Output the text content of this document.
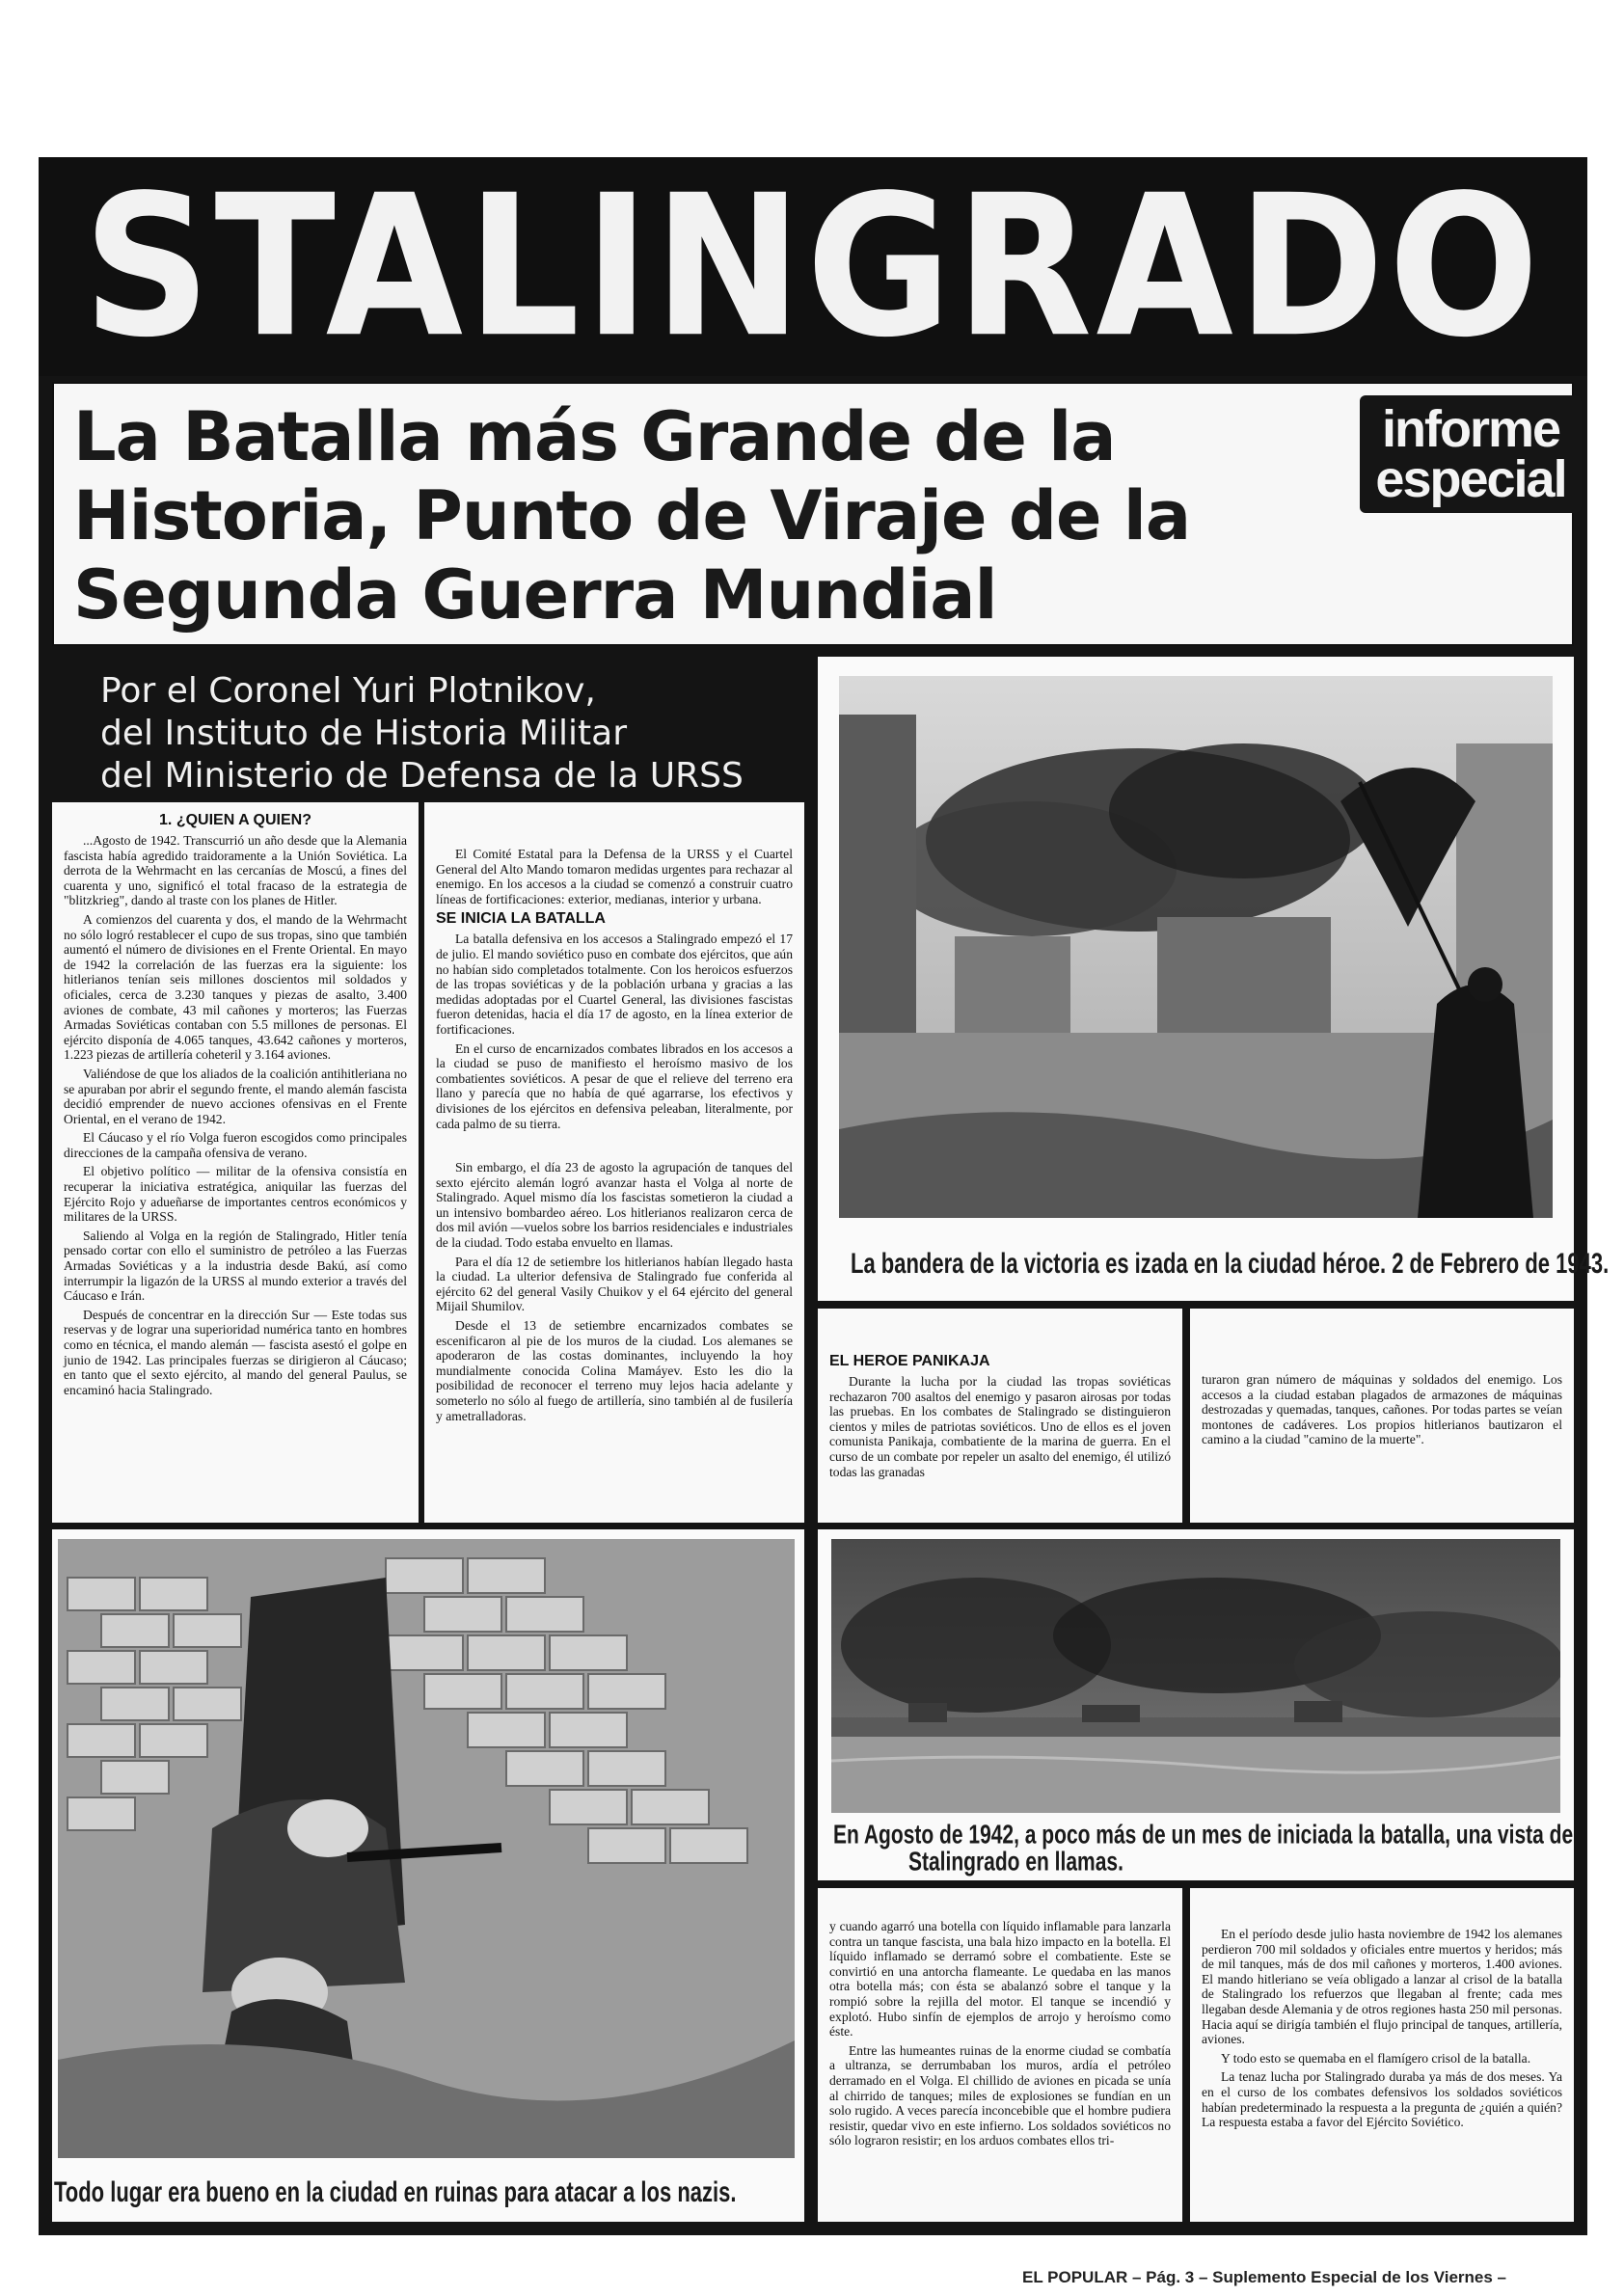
STALINGRADO
La Batalla más Grande de la Historia, Punto de Viraje de la Segunda Guerra Mundial
informe
especial
Por el Coronel Yuri Plotnikov,
del Instituto de Historia Militar
del Ministerio de Defensa de la URSS
1. ¿QUIEN A QUIEN?

...Agosto de 1942. Transcurrió un año desde que la Alemania fascista había agredido traidoramente a la Unión Soviética. La derrota de la Wehrmacht en las cercanías de Moscú, a fines del cuarenta y uno, significó el total fracaso de la estrategia de "blitzkrieg", dando al traste con los planes de Hitler.

A comienzos del cuarenta y dos, el mando de la Wehrmacht no sólo logró restablecer el cupo de sus tropas, sino que también aumentó el número de divisiones en el Frente Oriental. En mayo de 1942 la correlación de las fuerzas era la siguiente: los hitlerianos tenían seis millones doscientos mil soldados y oficiales, cerca de 3.230 tanques y piezas de asalto, 3.400 aviones de combate, 43 mil cañones y morteros; las Fuerzas Armadas Soviéticas contaban con 5.5 millones de personas. El ejército disponía de 4.065 tanques, 43.642 cañones y morteros, 1.223 piezas de artillería coheteril y 3.164 aviones.

Valiéndose de que los aliados de la coalición antihitleriana no se apuraban por abrir el segundo frente, el mando alemán fascista decidió emprender de nuevo acciones ofensivas en el Frente Oriental, en el verano de 1942.

El Cáucaso y el río Volga fueron escogidos como principales direcciones de la campaña ofensiva de verano.

El objetivo político — militar de la ofensiva consistía en recuperar la iniciativa estratégica, aniquilar las fuerzas del Ejército Rojo y adueñarse de importantes centros económicos y militares de la URSS.

Saliendo al Volga en la región de Stalingrado, Hitler tenía pensado cortar con ello el suministro de petróleo a las Fuerzas Armadas Soviéticas y a la industria desde Bakú, así como interrumpir la ligazón de la URSS al mundo exterior a través del Cáucaso e Irán.

Después de concentrar en la dirección Sur — Este todas sus reservas y de lograr una superioridad numérica tanto en hombres como en técnica, el mando alemán — fascista asestó el golpe en junio de 1942. Las principales fuerzas se dirigieron al Cáucaso; en tanto que el sexto ejército, al mando del general Paulus, se encaminó hacia Stalingrado.

El Comité Estatal para la Defensa de la URSS y el Cuartel General del Alto Mando tomaron medidas urgentes para rechazar al enemigo. En los accesos a la ciudad se comenzó a construir cuatro líneas de fortificaciones: exterior, medianas, interior y urbana.

SE INICIA LA BATALLA

La batalla defensiva en los accesos a Stalingrado empezó el 17 de julio. El mando soviético puso en combate dos ejércitos, que aún no habían sido completados totalmente. Con los heroicos esfuerzos de las tropas soviéticas y de la población urbana y gracias a las medidas adoptadas por el Cuartel General, las divisiones fascistas fueron detenidas, hacia el día 17 de agosto, en la línea exterior de fortificaciones.

En el curso de encarnizados combates librados en los accesos a la ciudad se puso de manifiesto el heroísmo masivo de los combatientes soviéticos. A pesar de que el relieve del terreno era llano y parecía que no había de qué agarrarse, los efectivos y divisiones de los ejércitos en defensiva peleaban, literalmente, por cada palmo de su tierra.

Sin embargo, el día 23 de agosto la agrupación de tanques del sexto ejército alemán logró avanzar hasta el Volga al norte de Stalingrado. Aquel mismo día los fascistas sometieron la ciudad a un intensivo bombardeo aéreo. Los hitlerianos realizaron cerca de dos mil avión —vuelos sobre los barrios residenciales e industriales de la ciudad. Todo estaba envuelto en llamas.

Para el día 12 de setiembre los hitlerianos habían llegado hasta la ciudad. La ulterior defensiva de Stalingrado fue conferida al ejército 62 del general Vasily Chuikov y el 64 ejército del general Mijail Shumilov.

Desde el 13 de setiembre encarnizados combates se escenificaron al pie de los muros de la ciudad. Los alemanes se apoderaron de las costas dominantes, incluyendo la hoy mundialmente conocida Colina Mamáyev. Esto les dio la posibilidad de reconocer el terreno muy lejos hacia adelante y someterlo no sólo al fuego de artillería, sino también al de fusilería y ametralladoras.

La bandera de la victoria es izada en la ciudad héroe. 2 de Febrero de 1943.
EL HEROE PANIKAJA

Durante la lucha por la ciudad las tropas soviéticas rechazaron 700 asaltos del enemigo y pasaron airosas por todas las pruebas. En los combates de Stalingrado se distinguieron cientos y miles de patriotas soviéticos. Uno de ellos es el joven comunista Panikaja, combatiente de la marina de guerra. En el curso de un combate por repeler un asalto del enemigo, él utilizó todas las granadas

turaron gran número de máquinas y soldados del enemigo. Los accesos a la ciudad estaban plagados de armazones de máquinas destrozadas y quemadas, tanques, cañones. Por todas partes se veían montones de cadáveres. Los propios hitlerianos bautizaron el camino a la ciudad "camino de la muerte".

Todo lugar era bueno en la ciudad en ruinas para atacar a los nazis.
En Agosto de 1942, a poco más de un mes de iniciada la batalla, una vista de
Stalingrado en llamas.

y cuando agarró una botella con líquido inflamable para lanzarla contra un tanque fascista, una bala hizo impacto en la botella. El líquido inflamado se derramó sobre el combatiente. Este se convirtió en una antorcha flameante. Le quedaba en las manos otra botella más; con ésta se abalanzó sobre el tanque y la rompió sobre la rejilla del motor. El tanque se incendió y explotó. Hubo sinfín de ejemplos de arrojo y heroísmo como éste.

Entre las humeantes ruinas de la enorme ciudad se combatía a ultranza, se derrumbaban los muros, ardía el petróleo derramado en el Volga. El chillido de aviones en picada se unía al chirrido de tanques; miles de explosiones se fundían en un solo rugido. A veces parecía inconcebible que el hombre pudiera resistir, quedar vivo en este infierno. Los soldados soviéticos no sólo lograron resistir; en los arduos combates ellos tri-

En el período desde julio hasta noviembre de 1942 los alemanes perdieron 700 mil soldados y oficiales entre muertos y heridos; más de mil tanques, más de dos mil cañones y morteros, 1.400 aviones. El mando hitleriano se veía obligado a lanzar al crisol de la batalla de Stalingrado los refuerzos que llegaban al frente; cada mes llegaban desde Alemania y de otros regiones hasta 250 mil personas. Hacia aquí se dirigía también el flujo principal de tanques, artillería, aviones.

Y todo esto se quemaba en el flamígero crisol de la batalla.

La tenaz lucha por Stalingrado duraba ya más de dos meses. Ya en el curso de los combates defensivos los soldados soviéticos habían predeterminado la respuesta a la pregunta de ¿quién a quién? La respuesta estaba a favor del Ejército Soviético.

EL POPULAR – Pág. 3 – Suplemento Especial de los Viernes –
